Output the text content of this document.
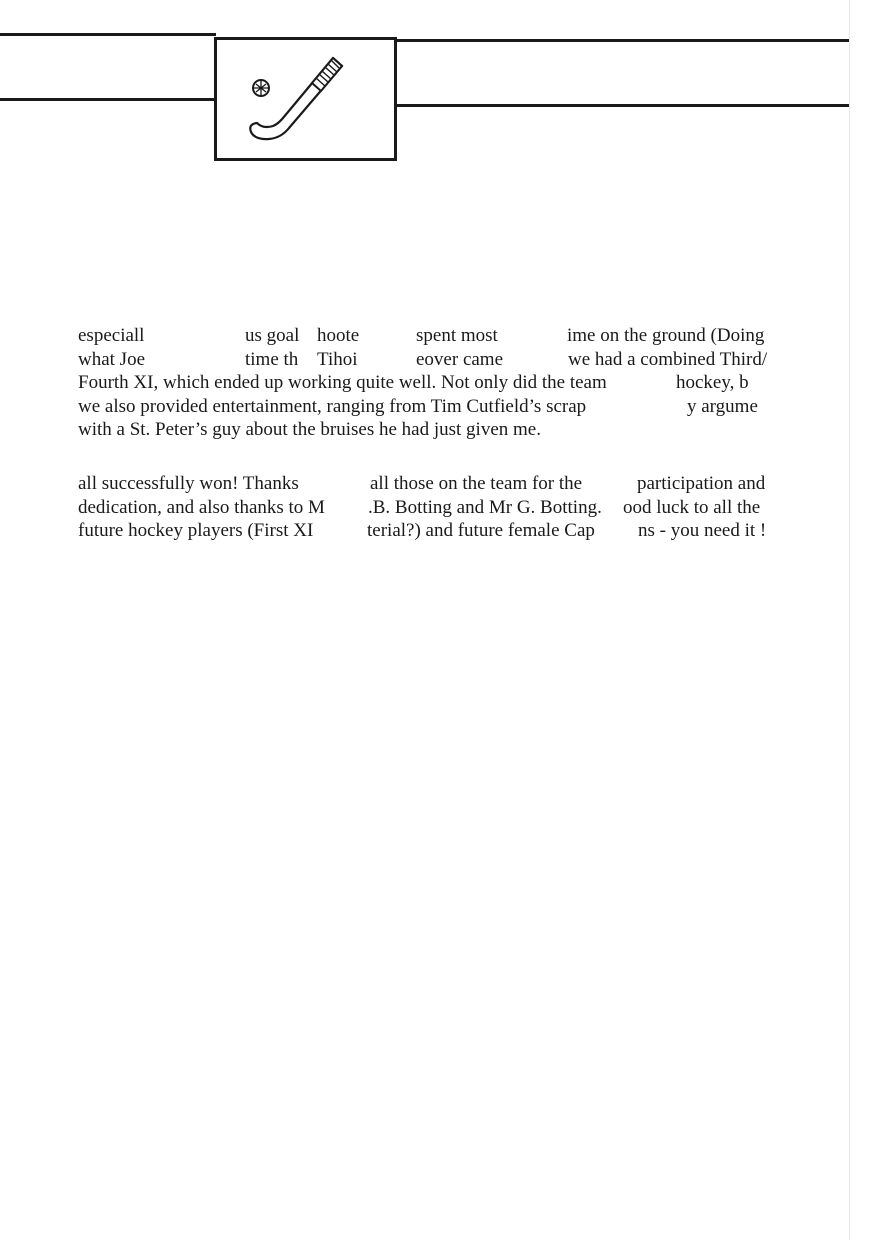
especiall	us goal hoote	spent most	ime on the ground (Doing
what Joe	time th Tihoi	eover came	we had a combined Third/
Fourth XI, which ended up working quite well. Not only did the team	hockey, b
we also provided entertainment, ranging from Tim Cutfield’s scrap	y argume
with a St. Peter’s guy about the bruises he had just given me.
all successfully won! Thanks	all those on the team for the	participation and
dedication, and also thanks to M .B. Botting and Mr G. Botting. ood luck to all the
future hockey players (First XI	terial?) and future female Cap ns - you need it !
